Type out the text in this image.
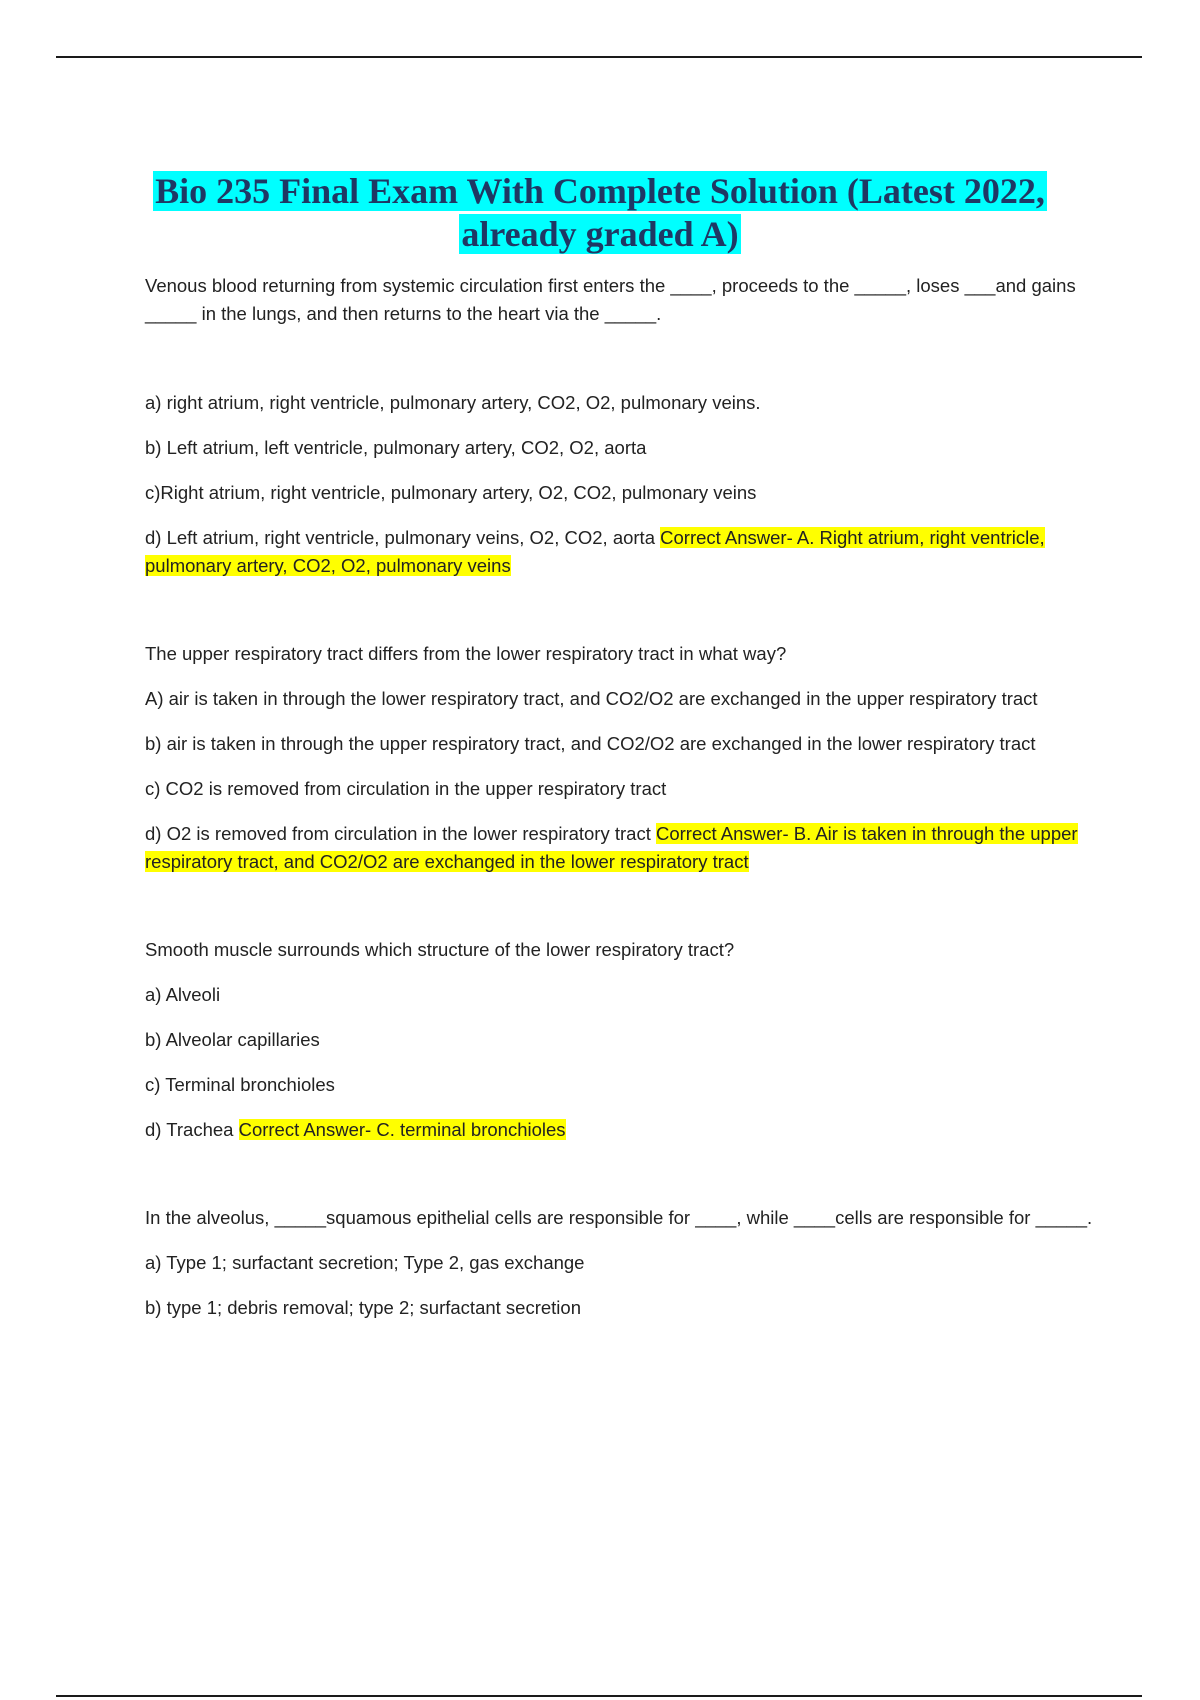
Bio 235 Final Exam With Complete Solution (Latest 2022,
already graded A)

Venous blood returning from systemic circulation first enters the ____, proceeds to the _____, loses ___and gains _____ in the lungs, and then returns to the heart via the _____.

a) right atrium, right ventricle, pulmonary artery, CO2, O2, pulmonary veins.

b) Left atrium, left ventricle, pulmonary artery, CO2, O2, aorta

c)Right atrium, right ventricle, pulmonary artery, O2, CO2, pulmonary veins

d) Left atrium, right ventricle, pulmonary veins, O2, CO2, aorta Correct Answer- A. Right atrium, right ventricle, pulmonary artery, CO2, O2, pulmonary veins

The upper respiratory tract differs from the lower respiratory tract in what way?

A) air is taken in through the lower respiratory tract, and CO2/O2 are exchanged in the upper respiratory tract

b) air is taken in through the upper respiratory tract, and CO2/O2 are exchanged in the lower respiratory tract

c) CO2 is removed from circulation in the upper respiratory tract

d) O2 is removed from circulation in the lower respiratory tract Correct Answer- B. Air is taken in through the upper respiratory tract, and CO2/O2 are exchanged in the lower respiratory tract

Smooth muscle surrounds which structure of the lower respiratory tract?

a) Alveoli

b) Alveolar capillaries

c) Terminal bronchioles

d) Trachea Correct Answer- C. terminal bronchioles

In the alveolus, _____squamous epithelial cells are responsible for ____, while ____cells are responsible for _____.

a) Type 1; surfactant secretion; Type 2, gas exchange

b) type 1; debris removal; type 2; surfactant secretion
